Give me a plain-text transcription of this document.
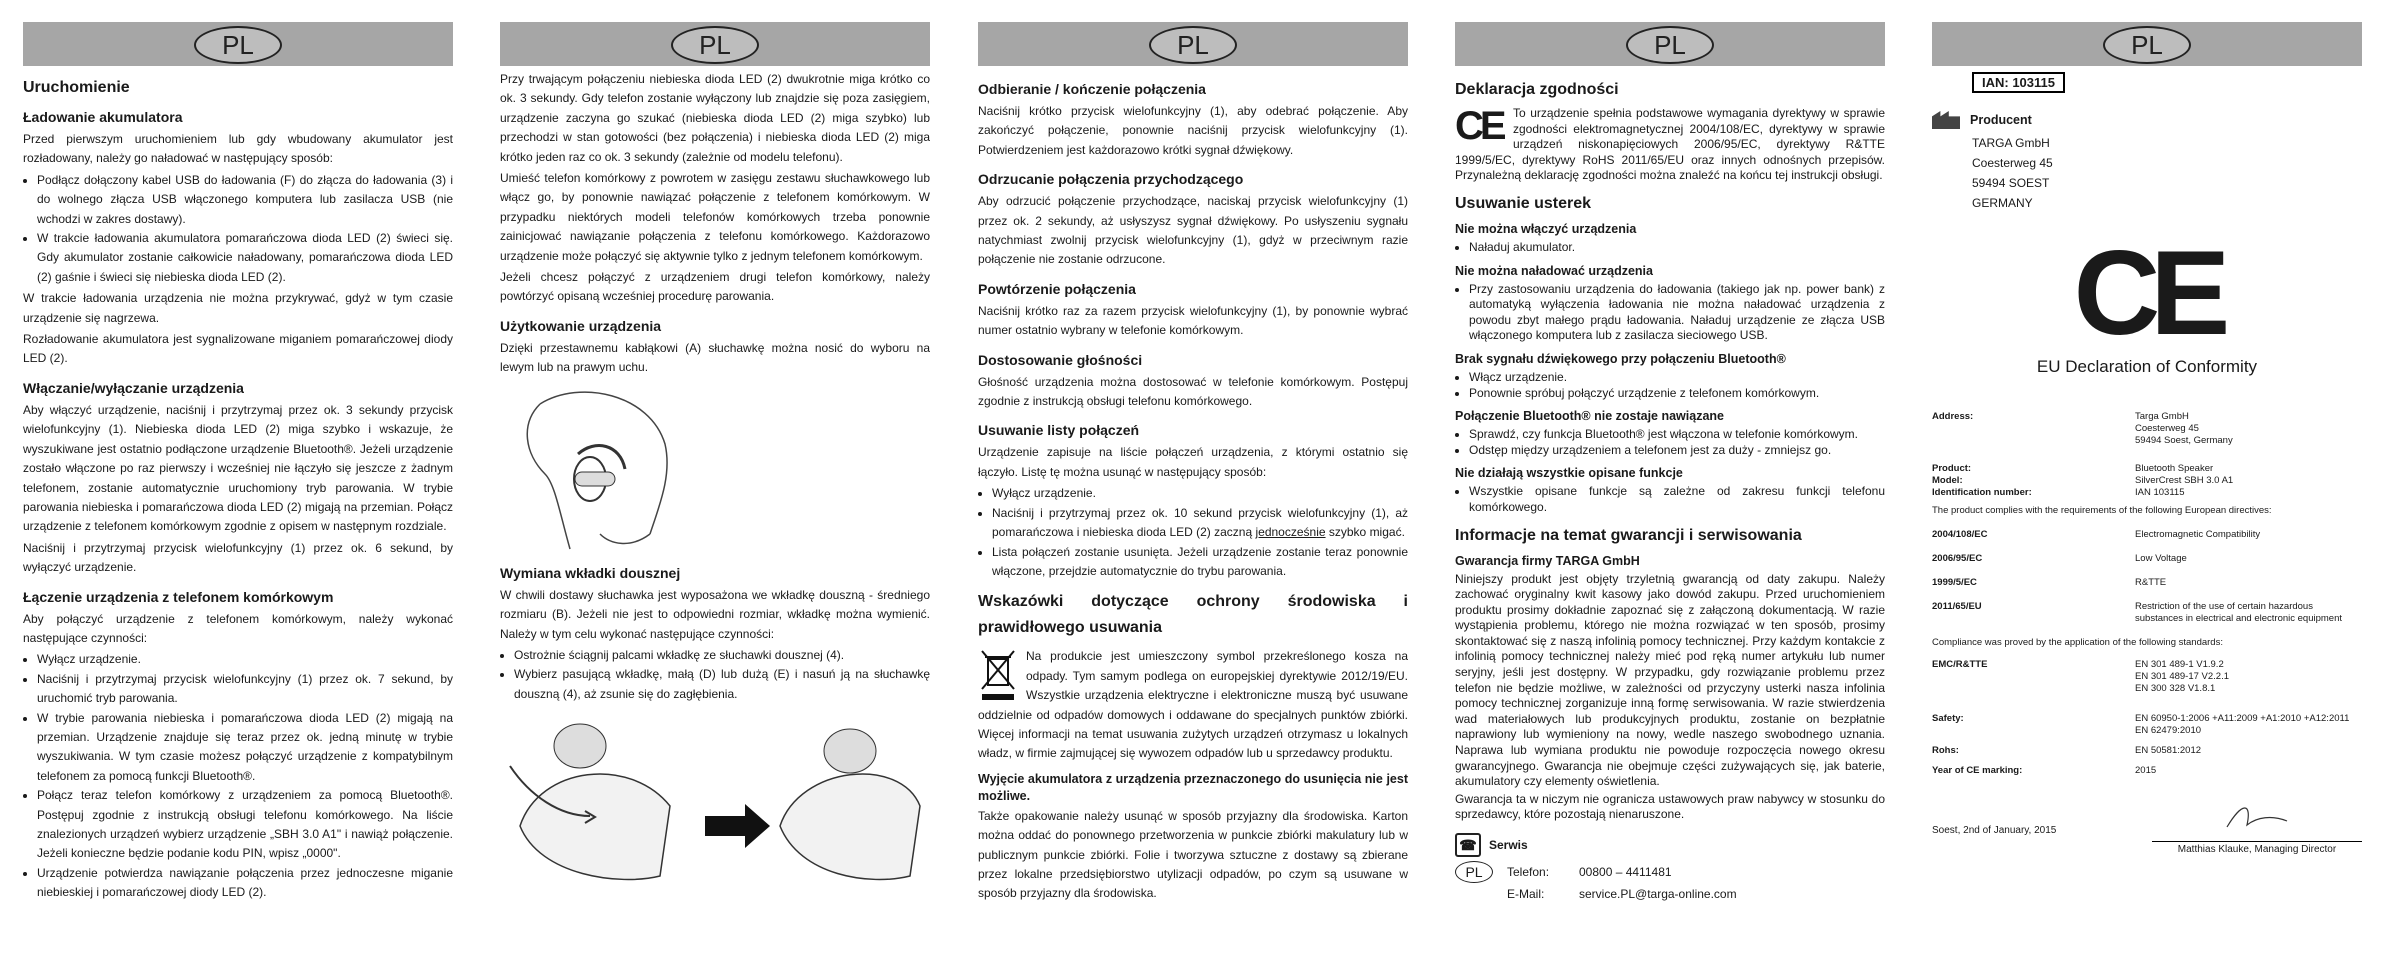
PL
Uruchomienie
Ładowanie akumulatora

Przed pierwszym uruchomieniem lub gdy wbudowany akumulator jest rozładowany, należy go naładować w następujący sposób:

• Podłącz dołączony kabel USB do ładowania (F) do złącza do ładowania (3) i do wolnego złącza USB włączonego komputera lub zasilacza USB (nie wchodzi w zakres dostawy).
• W trakcie ładowania akumulatora pomarańczowa dioda LED (2) świeci się. Gdy akumulator zostanie całkowicie naładowany, pomarańczowa dioda LED (2) gaśnie i świeci się niebieska dioda LED (2).

W trakcie ładowania urządzenia nie można przykrywać, gdyż w tym czasie urządzenie się nagrzewa.

Rozładowanie akumulatora jest sygnalizowane miganiem pomarańczowej diody LED (2).

Włączanie/wyłączanie urządzenia

Aby włączyć urządzenie, naciśnij i przytrzymaj przez ok. 3 sekundy przycisk wielofunkcyjny (1). Niebieska dioda LED (2) miga szybko i wskazuje, że wyszukiwane jest ostatnio podłączone urządzenie Bluetooth®. Jeżeli urządzenie zostało włączone po raz pierwszy i wcześniej nie łączyło się jeszcze z żadnym telefonem, zostanie automatycznie uruchomiony tryb parowania. W trybie parowania niebieska i pomarańczowa dioda LED (2) migają na przemian. Połącz urządzenie z telefonem komórkowym zgodnie z opisem w następnym rozdziale.

Naciśnij i przytrzymaj przycisk wielofunkcyjny (1) przez ok. 6 sekund, by wyłączyć urządzenie.

Łączenie urządzenia z telefonem komórkowym

Aby połączyć urządzenie z telefonem komórkowym, należy wykonać następujące czynności:

• Wyłącz urządzenie.
• Naciśnij i przytrzymaj przycisk wielofunkcyjny (1) przez ok. 7 sekund, by uruchomić tryb parowania.
• W trybie parowania niebieska i pomarańczowa dioda LED (2) migają na przemian. Urządzenie znajduje się teraz przez ok. jedną minutę w trybie wyszukiwania. W tym czasie możesz połączyć urządzenie z kompatybilnym telefonem za pomocą funkcji Bluetooth®.
• Połącz teraz telefon komórkowy z urządzeniem za pomocą Bluetooth®. Postępuj zgodnie z instrukcją obsługi telefonu komórkowego. Na liście znalezionych urządzeń wybierz urządzenie „SBH 3.0 A1" i nawiąż połączenie. Jeżeli konieczne będzie podanie kodu PIN, wpisz „0000".
• Urządzenie potwierdza nawiązanie połączenia przez jednoczesne miganie niebieskiej i pomarańczowej diody LED (2).
PL

Przy trwającym połączeniu niebieska dioda LED (2) dwukrotnie miga krótko co ok. 3 sekundy. Gdy telefon zostanie wyłączony lub znajdzie się poza zasięgiem, urządzenie zaczyna go szukać (niebieska dioda LED (2) miga szybko) lub przechodzi w stan gotowości (bez połączenia) i niebieska dioda LED (2) miga krótko jeden raz co ok. 3 sekundy (zależnie od modelu telefonu).

Umieść telefon komórkowy z powrotem w zasięgu zestawu słuchawkowego lub włącz go, by ponownie nawiązać połączenie z telefonem komórkowym. W przypadku niektórych modeli telefonów komórkowych trzeba ponownie zainicjować nawiązanie połączenia z telefonu komórkowego. Każdorazowo urządzenie może połączyć się aktywnie tylko z jednym telefonem komórkowym.

Jeżeli chcesz połączyć z urządzeniem drugi telefon komórkowy, należy powtórzyć opisaną wcześniej procedurę parowania.

Użytkowanie urządzenia

Dzięki przestawnemu kabłąkowi (A) słuchawkę można nosić do wyboru na lewym lub na prawym uchu.

Wymiana wkładki dousznej

W chwili dostawy słuchawka jest wyposażona we wkładkę douszną - średniego rozmiaru (B). Jeżeli nie jest to odpowiedni rozmiar, wkładkę można wymienić. Należy w tym celu wykonać następujące czynności:

• Ostrożnie ściągnij palcami wkładkę ze słuchawki dousznej (4).
• Wybierz pasującą wkładkę, małą (D) lub dużą (E) i nasuń ją na słuchawkę douszną (4), aż zsunie się do zagłębienia.
PL
Odbieranie / kończenie połączenia

Naciśnij krótko przycisk wielofunkcyjny (1), aby odebrać połączenie. Aby zakończyć połączenie, ponownie naciśnij przycisk wielofunkcyjny (1). Potwierdzeniem jest każdorazowo krótki sygnał dźwiękowy.

Odrzucanie połączenia przychodzącego

Aby odrzucić połączenie przychodzące, naciskaj przycisk wielofunkcyjny (1) przez ok. 2 sekundy, aż usłyszysz sygnał dźwiękowy. Po usłyszeniu sygnału natychmiast zwolnij przycisk wielofunkcyjny (1), gdyż w przeciwnym razie połączenie nie zostanie odrzucone.

Powtórzenie połączenia

Naciśnij krótko raz za razem przycisk wielofunkcyjny (1), by ponownie wybrać numer ostatnio wybrany w telefonie komórkowym.

Dostosowanie głośności

Głośność urządzenia można dostosować w telefonie komórkowym. Postępuj zgodnie z instrukcją obsługi telefonu komórkowego.

Usuwanie listy połączeń

Urządzenie zapisuje na liście połączeń urządzenia, z którymi ostatnio się łączyło. Listę tę można usunąć w następujący sposób:

• Wyłącz urządzenie.
• Naciśnij i przytrzymaj przez ok. 10 sekund przycisk wielofunkcyjny (1), aż pomarańczowa i niebieska dioda LED (2) zaczną jednocześnie szybko migać.
• Lista połączeń zostanie usunięta. Jeżeli urządzenie zostanie teraz ponownie włączone, przejdzie automatycznie do trybu parowania.
Wskazówki dotyczące ochrony środowiska i prawidłowego usuwania

Na produkcie jest umieszczony symbol przekreślonego kosza na odpady. Tym samym podlega on europejskiej dyrektywie 2012/19/EU. Wszystkie urządzenia elektryczne i elektroniczne muszą być usuwane oddzielnie od odpadów domowych i oddawane do specjalnych punktów zbiórki. Więcej informacji na temat usuwania zużytych urządzeń otrzymasz u lokalnych władz, w firmie zajmującej się wywozem odpadów lub u sprzedawcy produktu.

Wyjęcie akumulatora z urządzenia przeznaczonego do usunięcia nie jest możliwe.

Także opakowanie należy usunąć w sposób przyjazny dla środowiska. Karton można oddać do ponownego przetworzenia w punkcie zbiórki makulatury lub w publicznym punkcie zbiórki. Folie i tworzywa sztuczne z dostawy są zbierane przez lokalne przedsiębiorstwo utylizacji odpadów, po czym są usuwane w sposób przyjazny dla środowiska.

PL
Deklaracja zgodności
CE To urządzenie spełnia podstawowe wymagania dyrektywy w sprawie zgodności elektromagnetycznej 2004/108/EC, dyrektywy w sprawie urządzeń niskonapięciowych 2006/95/EC, dyrektywy R&TTE 1999/5/EC, dyrektywy RoHS 2011/65/EU oraz innych odnośnych przepisów. Przynależną deklarację zgodności można znaleźć na końcu tej instrukcji obsługi.

Usuwanie usterek
Nie można włączyć urządzenia
• Naładuj akumulator.
Nie można naładować urządzenia
• Przy zastosowaniu urządzenia do ładowania (takiego jak np. power bank) z automatyką wyłączenia ładowania nie można naładować urządzenia z powodu zbyt małego prądu ładowania. Naładuj urządzenie ze złącza USB włączonego komputera lub z zasilacza sieciowego USB.
Brak sygnału dźwiękowego przy połączeniu Bluetooth®
• Włącz urządzenie.
• Ponownie spróbuj połączyć urządzenie z telefonem komórkowym.
Połączenie Bluetooth® nie zostaje nawiązane
• Sprawdź, czy funkcja Bluetooth® jest włączona w telefonie komórkowym.
• Odstęp między urządzeniem a telefonem jest za duży - zmniejsz go.
Nie działają wszystkie opisane funkcje
• Wszystkie opisane funkcje są zależne od zakresu funkcji telefonu komórkowego.
Informacje na temat gwarancji i serwisowania
Gwarancja firmy TARGA GmbH

Niniejszy produkt jest objęty trzyletnią gwarancją od daty zakupu. Należy zachować oryginalny kwit kasowy jako dowód zakupu. Przed uruchomieniem produktu prosimy dokładnie zapoznać się z załączoną dokumentacją. W razie wystąpienia problemu, którego nie można rozwiązać w ten sposób, prosimy skontaktować się z naszą infolinią pomocy technicznej. Przy każdym kontakcie z infolinią pomocy technicznej należy mieć pod ręką numer artykułu lub numer seryjny, jeśli jest dostępny. W przypadku, gdy rozwiązanie problemu przez telefon nie będzie możliwe, w zależności od przyczyny usterki nasza infolinia pomocy technicznej zorganizuje inną formę serwisowania. W razie stwierdzenia wad materiałowych lub produkcyjnych produktu, zostanie on bezpłatnie naprawiony lub wymieniony na nowy, wedle naszego swobodnego uznania. Naprawa lub wymiana produktu nie powoduje rozpoczęcia nowego okresu gwarancyjnego. Gwarancja nie obejmuje części zużywających się, jak baterie, akumulatory czy elementy oświetlenia.

Gwarancja ta w niczym nie ogranicza ustawowych praw nabywcy w stosunku do sprzedawcy, które pozostają nienaruszone.

☎	Serwis
PL	Telefon:	00800 – 4411481
E-Mail:	service.PL@targa-online.com
PL
IAN: 103115
Producent
TARGA GmbH
Coesterweg 45
59494 SOEST
GERMANY
CE
EU Declaration of Conformity
Address:	Targa GmbH
Coesterweg 45
59494 Soest, Germany
Product:	Bluetooth Speaker
Model:	SilverCrest SBH 3.0 A1
Identification number:	IAN 103115
The product complies with the requirements of the following European directives:
2004/108/EC	Electromagnetic Compatibility
2006/95/EC	Low Voltage
1999/5/EC	R&TTE
2011/65/EU	Restriction of the use of certain hazardous substances in electrical and electronic equipment
Compliance was proved by the application of the following standards:
EMC/R&TTE	EN 301 489-1 V1.9.2
EN 301 489-17 V2.2.1
EN 300 328 V1.8.1
Safety:	EN 60950-1:2006 +A11:2009 +A1:2010 +A12:2011
EN 62479:2010
Rohs:	EN 50581:2012
Year of CE marking:	2015
Soest, 2nd of January, 2015
Matthias Klauke, Managing Director
